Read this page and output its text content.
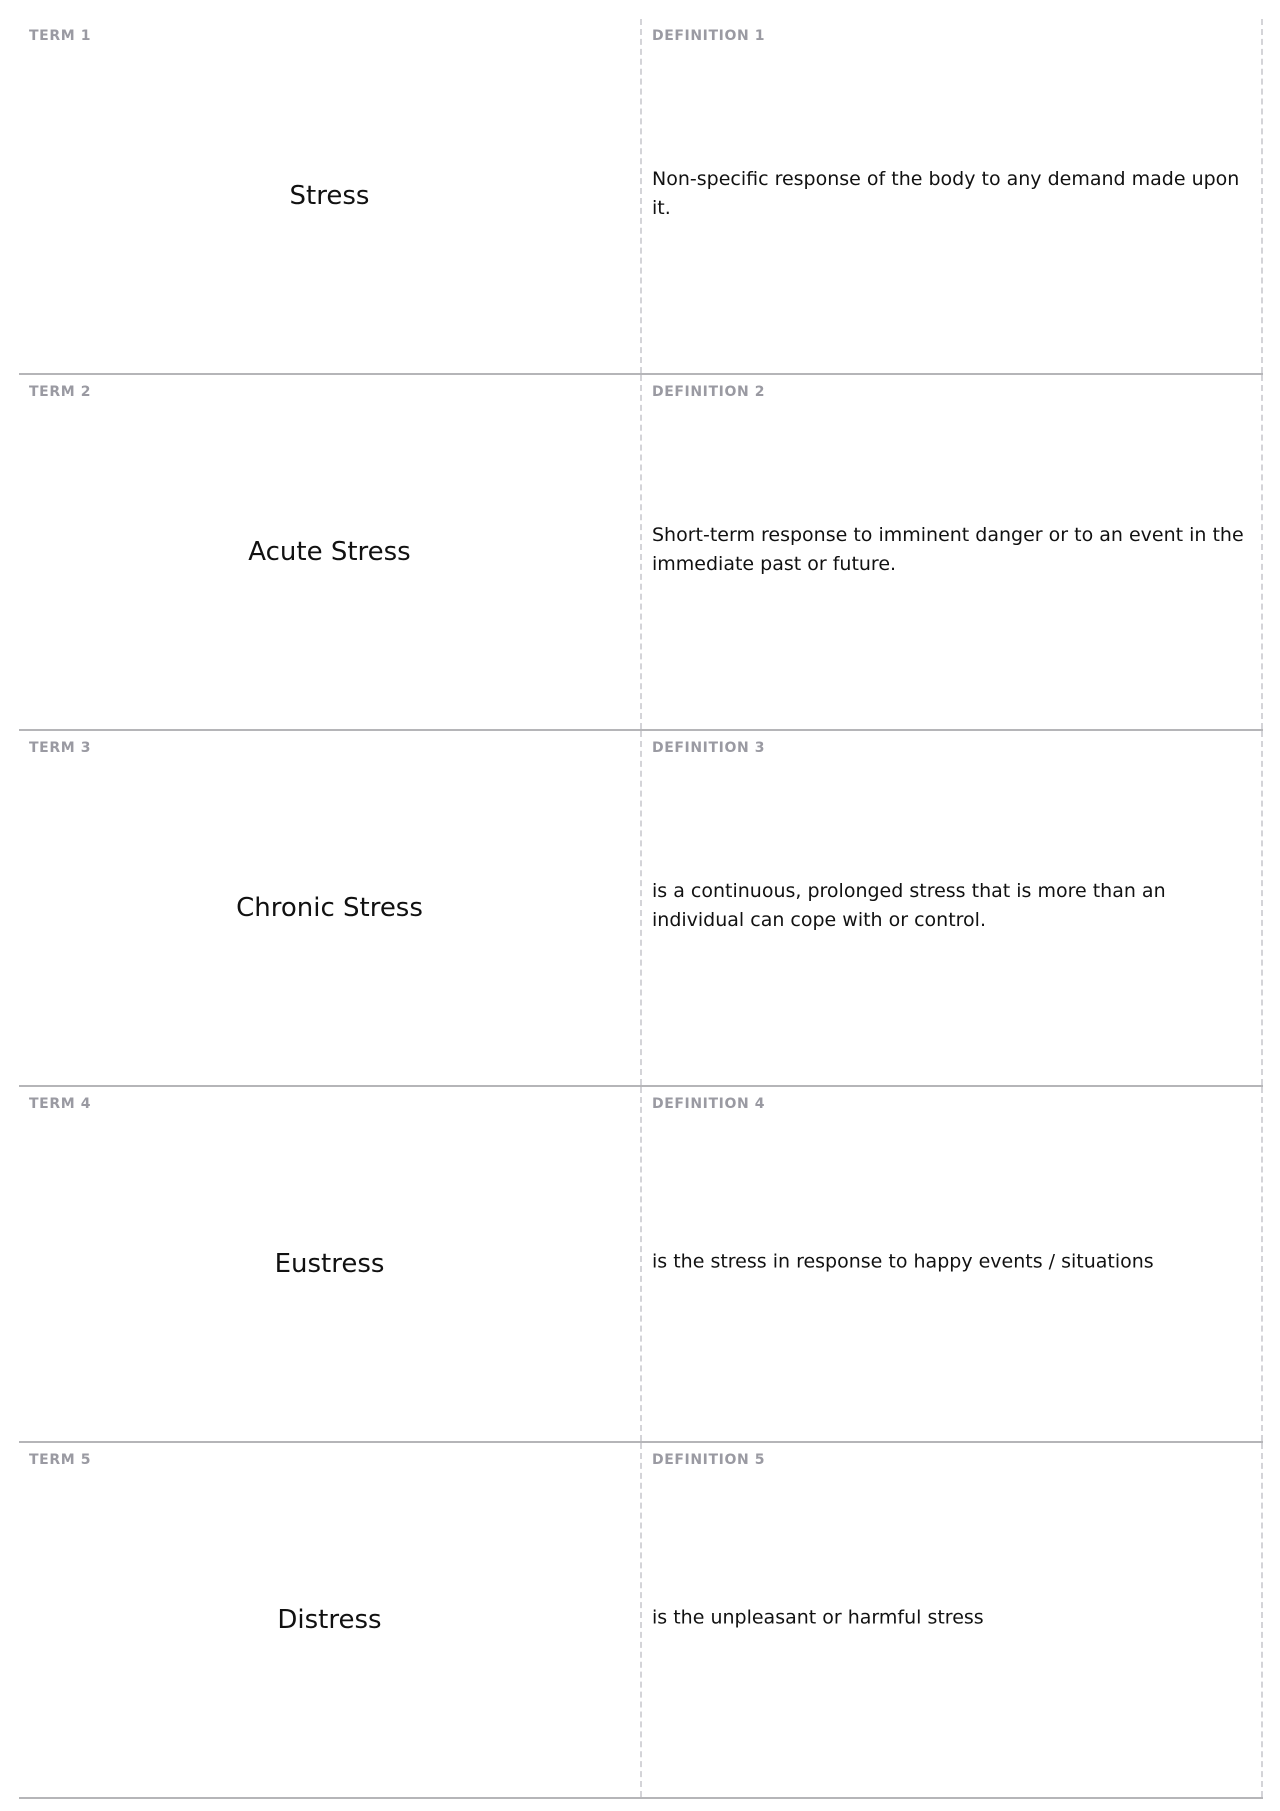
TERM 1
Stress
DEFINITION 1
Non-specific response of the body to any demand made upon it.
TERM 2
Acute Stress
DEFINITION 2
Short-term response to imminent danger or to an event in the immediate past or future.
TERM 3
Chronic Stress
DEFINITION 3
is a continuous, prolonged stress that is more than an individual can cope with or control.
TERM 4
Eustress
DEFINITION 4
is the stress in response to happy events / situations
TERM 5
Distress
DEFINITION 5
is the unpleasant or harmful stress
